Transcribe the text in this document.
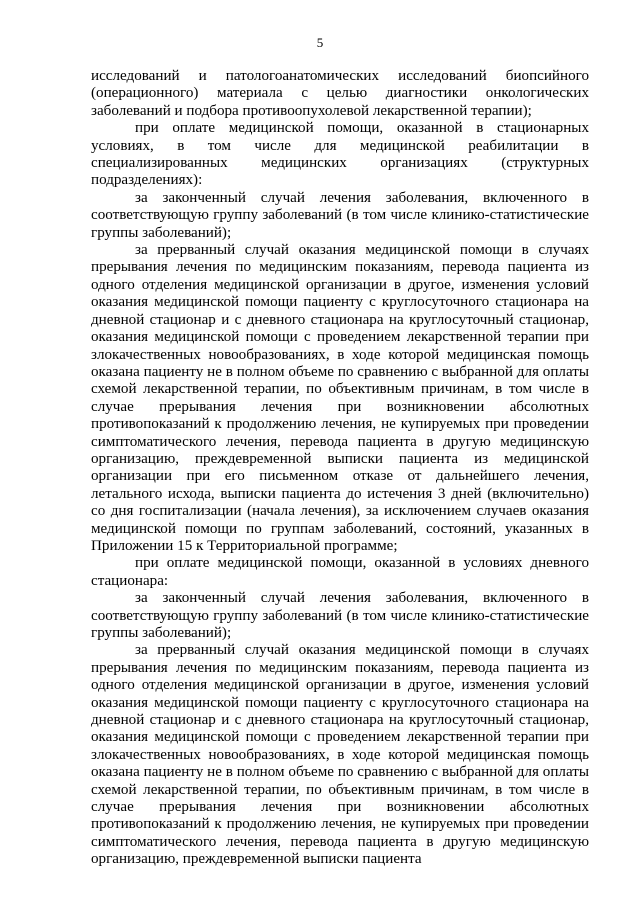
5

исследований и патологоанатомических исследований биопсийного (операционного) материала с целью диагностики онкологических заболеваний и подбора противоопухолевой лекарственной терапии);

при оплате медицинской помощи, оказанной в стационарных условиях, в том числе для медицинской реабилитации в специализированных медицинских организациях (структурных подразделениях):

за законченный случай лечения заболевания, включенного в соответствующую группу заболеваний (в том числе клинико-статистические группы заболеваний);

за прерванный случай оказания медицинской помощи в случаях прерывания лечения по медицинским показаниям, перевода пациента из одного отделения медицинской организации в другое, изменения условий оказания медицинской помощи пациенту с круглосуточного стационара на дневной стационар и с дневного стационара на круглосуточный стационар, оказания медицинской помощи с проведением лекарственной терапии при злокачественных новообразованиях, в ходе которой медицинская помощь оказана пациенту не в полном объеме по сравнению с выбранной для оплаты схемой лекарственной терапии, по объективным причинам, в том числе в случае прерывания лечения при возникновении абсолютных противопоказаний к продолжению лечения, не купируемых при проведении симптоматического лечения, перевода пациента в другую медицинскую организацию, преждевременной выписки пациента из медицинской организации при его письменном отказе от дальнейшего лечения, летального исхода, выписки пациента до истечения 3 дней (включительно) со дня госпитализации (начала лечения), за исключением случаев оказания медицинской помощи по группам заболеваний, состояний, указанных в Приложении 15 к Территориальной программе;

при оплате медицинской помощи, оказанной в условиях дневного стационара:

за законченный случай лечения заболевания, включенного в соответствующую группу заболеваний (в том числе клинико-статистические группы заболеваний);

за прерванный случай оказания медицинской помощи в случаях прерывания лечения по медицинским показаниям, перевода пациента из одного отделения медицинской организации в другое, изменения условий оказания медицинской помощи пациенту с круглосуточного стационара на дневной стационар и с дневного стационара на круглосуточный стационар, оказания медицинской помощи с проведением лекарственной терапии при злокачественных новообразованиях, в ходе которой медицинская помощь оказана пациенту не в полном объеме по сравнению с выбранной для оплаты схемой лекарственной терапии, по объективным причинам, в том числе в случае прерывания лечения при возникновении абсолютных противопоказаний к продолжению лечения, не купируемых при проведении симптоматического лечения, перевода пациента в другую медицинскую организацию, преждевременной выписки пациента
